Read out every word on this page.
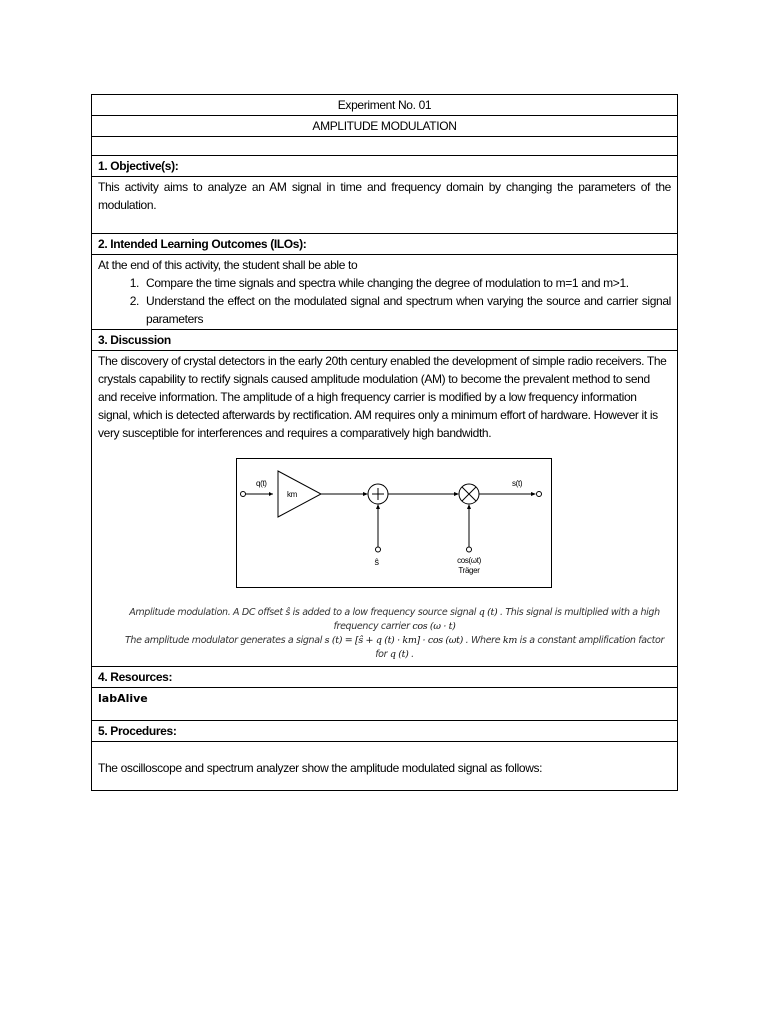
Experiment No. 01
AMPLITUDE MODULATION

1. Objective(s):
This activity aims to analyze an AM signal in time and frequency domain by changing the parameters of the modulation.
2. Intended Learning Outcomes (ILOs):

At the end of this activity, the student shall be able to
1. Compare the time signals and spectra while changing the degree of modulation to m=1 and m>1.
2. Understand the effect on the modulated signal and spectrum when varying the source and carrier signal parameters

3. Discussion

The discovery of crystal detectors in the early 20th century enabled the development of simple radio receivers. The crystals capability to rectify signals caused amplitude modulation (AM) to become the prevalent method to send and receive information. The amplitude of a high frequency carrier is modified by a low frequency information signal, which is detected afterwards by rectification. AM requires only a minimum effort of hardware. However it is very susceptible for interferences and requires a comparatively high bandwidth.
q(t)
km
ŝ	cos(ωt)
Träger
s(t)
Amplitude modulation. A DC offset ŝ is added to a low frequency source signal q (t) . This signal is multiplied with a high
frequency carrier cos (ω · t)
The amplitude modulator generates a signal s (t) = [ŝ + q (t) · km] · cos (ωt) . Where km is a constant amplification factor
for q (t) .

4. Resources:
labAlive
5. Procedures:
The oscilloscope and spectrum analyzer show the amplitude modulated signal as follows:
